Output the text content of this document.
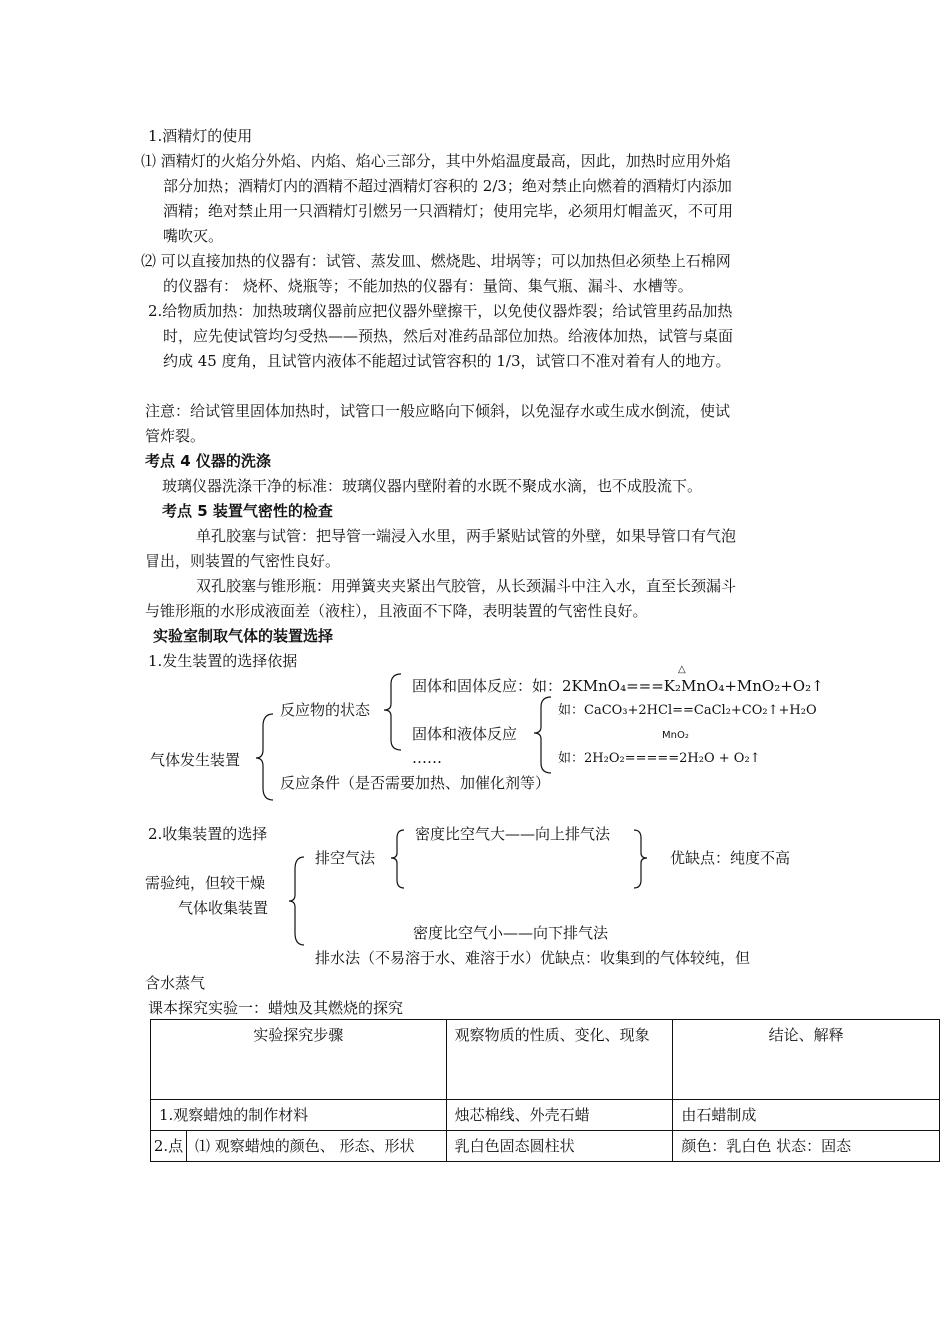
1.酒精灯的使用
⑴ 酒精灯的火焰分外焰、内焰、焰心三部分，其中外焰温度最高，因此，加热时应用外焰
部分加热；酒精灯内的酒精不超过酒精灯容积的 2/3；绝对禁止向燃着的酒精灯内添加
酒精；绝对禁止用一只酒精灯引燃另一只酒精灯；使用完毕，必须用灯帽盖灭，不可用
嘴吹灭。
⑵ 可以直接加热的仪器有：试管、蒸发皿、燃烧匙、坩埚等；可以加热但必须垫上石棉网
的仪器有： 烧杯、烧瓶等；不能加热的仪器有：量筒、集气瓶、漏斗、水槽等。
2.给物质加热：加热玻璃仪器前应把仪器外壁擦干，以免使仪器炸裂；给试管里药品加热
时，应先使试管均匀受热——预热，然后对准药品部位加热。给液体加热，试管与桌面
约成 45 度角，且试管内液体不能超过试管容积的 1/3，试管口不准对着有人的地方。
注意：给试管里固体加热时，试管口一般应略向下倾斜，以免湿存水或生成水倒流，使试
管炸裂。
考点 4 仪器的洗涤
玻璃仪器洗涤干净的标准：玻璃仪器内壁附着的水既不聚成水滴，也不成股流下。
考点 5 装置气密性的检查
单孔胶塞与试管：把导管一端浸入水里，两手紧贴试管的外壁，如果导管口有气泡
冒出，则装置的气密性良好。
双孔胶塞与锥形瓶：用弹簧夹夹紧出气胶管，从长颈漏斗中注入水，直至长颈漏斗
与锥形瓶的水形成液面差（液柱），且液面不下降，表明装置的气密性良好。
实验室制取气体的装置选择
1.发生装置的选择依据
气体发生装置
反应物的状态
△
固体和固体反应：如：2KMnO₄===K₂MnO₄+MnO₂+O₂↑
固体和液体反应
……
如：CaCO₃+2HCl==CaCl₂+CO₂↑+H₂O
MnO₂
如：2H₂O₂=====2H₂O + O₂↑
反应条件（是否需要加热、加催化剂等）
2.收集装置的选择	密度比空气大——向上排气法
排空气法	优缺点：纯度不高
需验纯，但较干燥
气体收集装置
密度比空气小——向下排气法
排水法（不易溶于水、难溶于水）优缺点：收集到的气体较纯，但
含水蒸气
课本探究实验一：蜡烛及其燃烧的探究
实验探究步骤		观察物质的性质、变化、现象	结论、解释
1.观察蜡烛的制作材料		烛芯棉线、外壳石蜡	由石蜡制成
2.点	⑴ 观察蜡烛的颜色、 形态、形状	乳白色固态圆柱状	颜色：乳白色 状态：固态
